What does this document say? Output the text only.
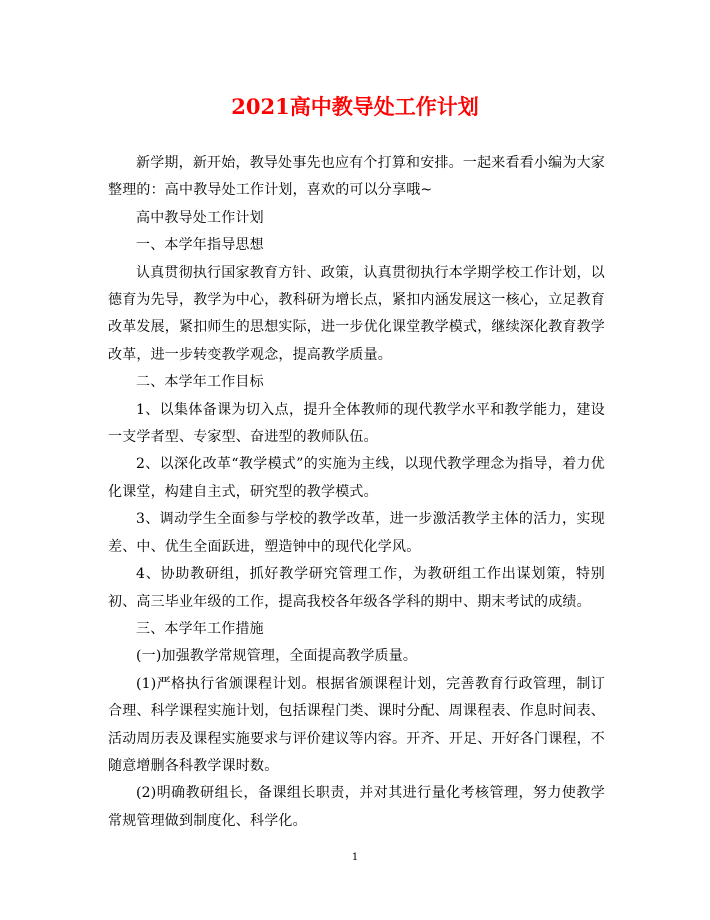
2021高中教导处工作计划

新学期，新开始，教导处事先也应有个打算和安排。一起来看看小编为大家整理的：高中教导处工作计划，喜欢的可以分享哦~

高中教导处工作计划

一、本学年指导思想

认真贯彻执行国家教育方针、政策，认真贯彻执行本学期学校工作计划，以德育为先导，教学为中心，教科研为增长点，紧扣内涵发展这一核心，立足教育改革发展，紧扣师生的思想实际，进一步优化课堂教学模式，继续深化教育教学改革，进一步转变教学观念，提高教学质量。

二、本学年工作目标

1、以集体备课为切入点，提升全体教师的现代教学水平和教学能力，建设一支学者型、专家型、奋进型的教师队伍。

2、以深化改革“教学模式”的实施为主线，以现代教学理念为指导，着力优化课堂，构建自主式，研究型的教学模式。

3、调动学生全面参与学校的教学改革，进一步激活教学主体的活力，实现差、中、优生全面跃进，塑造钟中的现代化学风。

4、协助教研组，抓好教学研究管理工作，为教研组工作出谋划策，特别初、高三毕业年级的工作，提高我校各年级各学科的期中、期末考试的成绩。

三、本学年工作措施

(一)加强教学常规管理，全面提高教学质量。

(1)严格执行省颁课程计划。根据省颁课程计划，完善教育行政管理，制订合理、科学课程实施计划，包括课程门类、课时分配、周课程表、作息时间表、活动周历表及课程实施要求与评价建议等内容。开齐、开足、开好各门课程，不随意增删各科教学课时数。

(2)明确教研组长，备课组长职责，并对其进行量化考核管理，努力使教学常规管理做到制度化、科学化。

1
